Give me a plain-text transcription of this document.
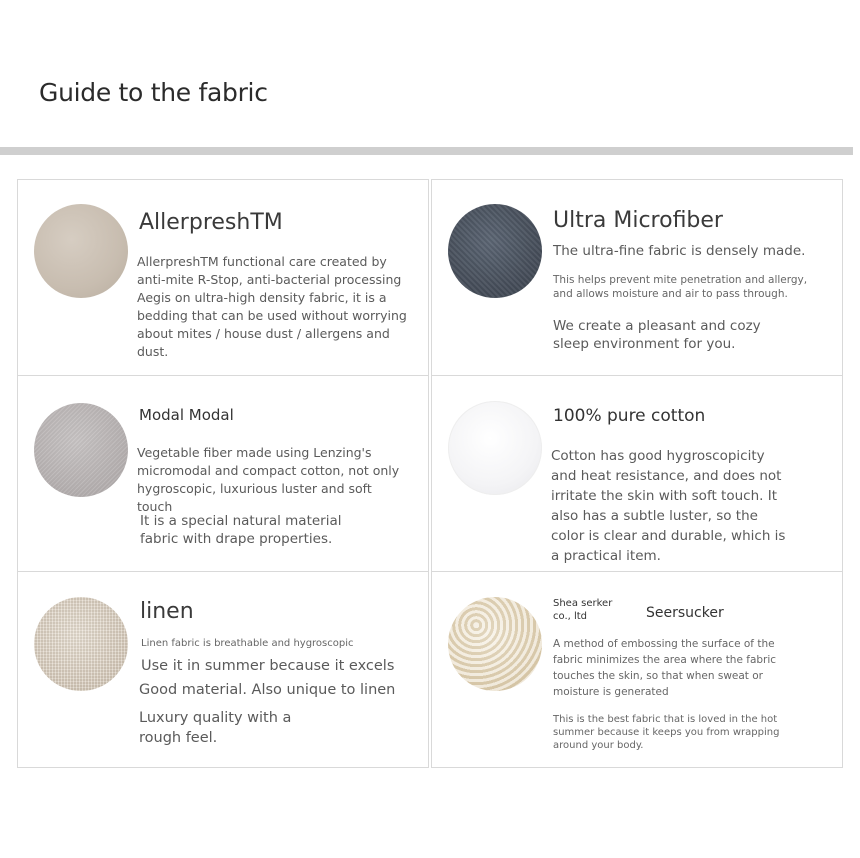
Guide to the fabric
AllerpreshTM
AllerpreshTM functional care created by anti-mite R-Stop, anti-bacterial processing Aegis on ultra-high density fabric, it is a bedding that can be used without worrying about mites / house dust / allergens and dust.
Ultra Microfiber
The ultra-fine fabric is densely made.
This helps prevent mite penetration and allergy, and allows moisture and air to pass through.
We create a pleasant and cozy sleep environment for you.
Modal Modal
Vegetable fiber made using Lenzing's micromodal and compact cotton, not only hygroscopic, luxurious luster and soft touch
It is a special natural material fabric with drape properties.
100% pure cotton
Cotton has good hygroscopicity and heat resistance, and does not irritate the skin with soft touch. It also has a subtle luster, so the color is clear and durable, which is a practical item.
linen
Linen fabric is breathable and hygroscopic
Use it in summer because it excels
Good material. Also unique to linen
Luxury quality with a rough feel.
Shea serker co., ltd	Seersucker
A method of embossing the surface of the fabric minimizes the area where the fabric touches the skin, so that when sweat or moisture is generated
This is the best fabric that is loved in the hot summer because it keeps you from wrapping around your body.
